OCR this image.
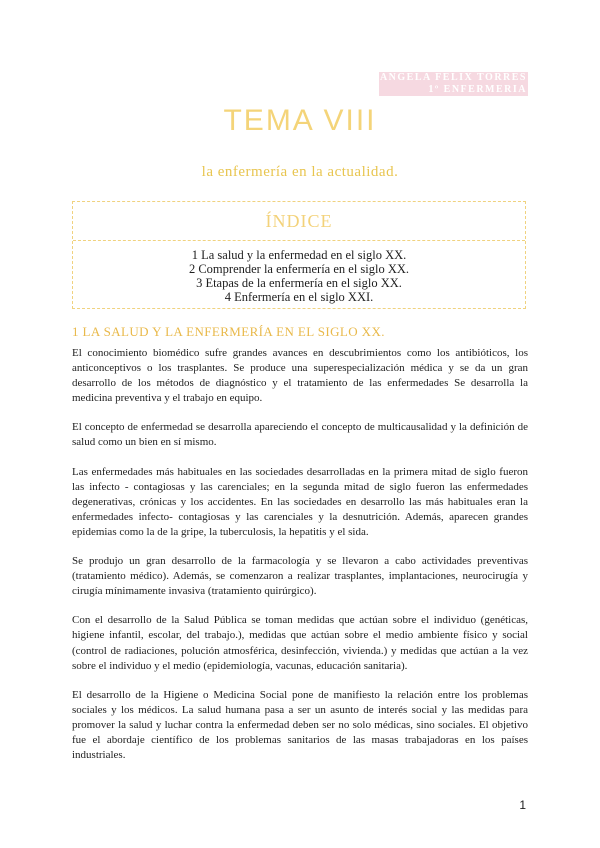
ANGELA FELIX TORRES
1º ENFERMERIA
TEMA VIII
la enfermería en la actualidad.
ÍNDICE
1 La salud y la enfermedad en el siglo XX.
2 Comprender la enfermería en el siglo XX.
3 Etapas de la enfermería en el siglo XX.
4 Enfermería en el siglo XXI.
1 LA SALUD Y LA ENFERMERÍA EN EL SIGLO XX.

El conocimiento biomédico sufre grandes avances en descubrimientos como los antibióticos, los anticonceptivos o los trasplantes. Se produce una superespecialización médica y se da un gran desarrollo de los métodos de diagnóstico y el tratamiento de las enfermedades Se desarrolla la medicina preventiva y el trabajo en equipo.

El concepto de enfermedad se desarrolla apareciendo el concepto de multicausalidad y la definición de salud como un bien en sí mismo.

Las enfermedades más habituales en las sociedades desarrolladas en la primera mitad de siglo fueron las infecto - contagiosas y las carenciales; en la segunda mitad de siglo fueron las enfermedades degenerativas, crónicas y los accidentes. En las sociedades en desarrollo las más habituales eran la enfermedades infecto- contagiosas y las carenciales y la desnutrición. Además, aparecen grandes epidemias como la de la gripe, la tuberculosis, la hepatitis y el sida.

Se produjo un gran desarrollo de la farmacología y se llevaron a cabo actividades preventivas (tratamiento médico). Además, se comenzaron a realizar trasplantes, implantaciones, neurocirugía y cirugía mínimamente invasiva (tratamiento quirúrgico).

Con el desarrollo de la Salud Pública se toman medidas que actúan sobre el individuo (genéticas, higiene infantil, escolar, del trabajo.), medidas que actúan sobre el medio ambiente físico y social (control de radiaciones, polución atmosférica, desinfección, vivienda.) y medidas que actúan a la vez sobre el individuo y el medio (epidemiología, vacunas, educación sanitaria).

El desarrollo de la Higiene o Medicina Social pone de manifiesto la relación entre los problemas sociales y los médicos. La salud humana pasa a ser un asunto de interés social y las medidas para promover la salud y luchar contra la enfermedad deben ser no solo médicas, sino sociales. El objetivo fue el abordaje científico de los problemas sanitarios de las masas trabajadoras en los países industriales.

1
